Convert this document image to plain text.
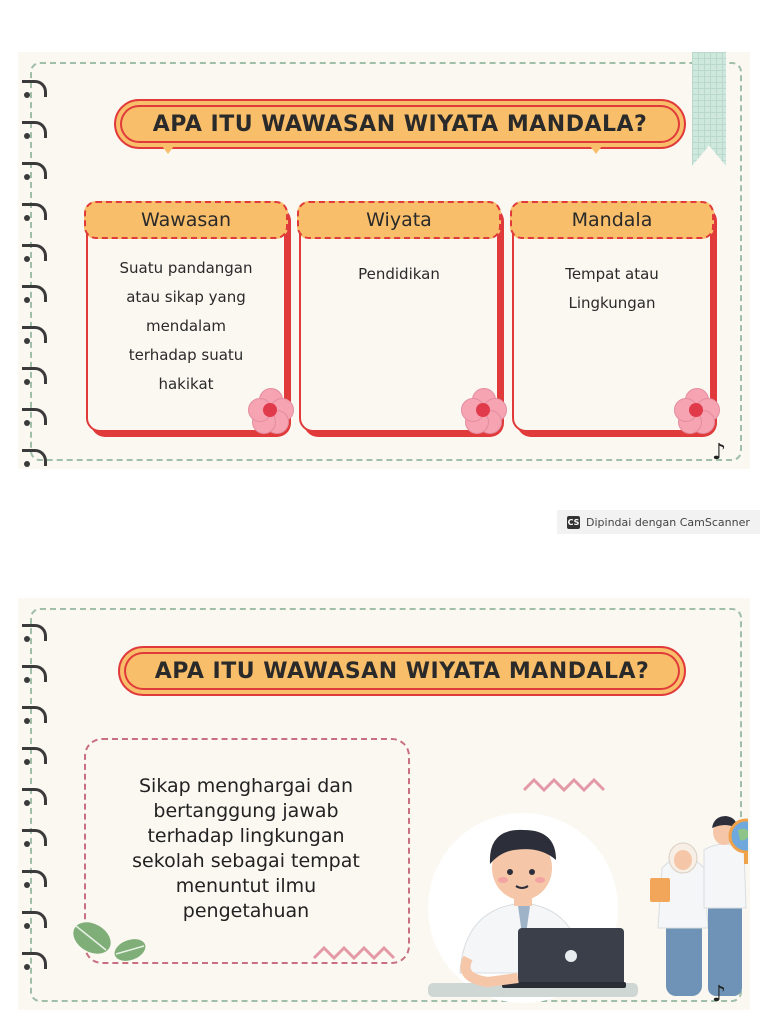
APA ITU WAWASAN WIYATA MANDALA?
Wawasan
Suatu pandangan
atau sikap yang
mendalam
terhadap suatu
hakikat
Wiyata
Pendidikan
Mandala
Tempat atau
Lingkungan
♪
CS Dipindai dengan CamScanner
APA ITU WAWASAN WIYATA MANDALA?
Sikap menghargai dan
bertanggung jawab
terhadap lingkungan
sekolah sebagai tempat
menuntut ilmu
pengetahuan
♪
